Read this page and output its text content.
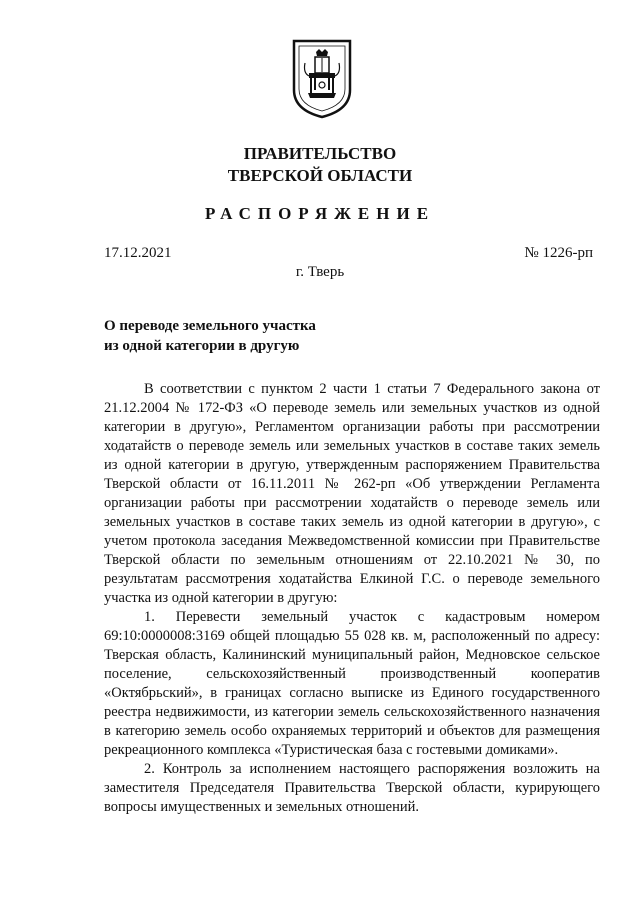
ПРАВИТЕЛЬСТВО
ТВЕРСКОЙ ОБЛАСТИ
РАСПОРЯЖЕНИЕ
17.12.2021	№ 1226-рп
г. Тверь
О переводе земельного участка
из одной категории в другую

В соответствии с пунктом 2 части 1 статьи 7 Федерального закона от 21.12.2004 № 172-ФЗ «О переводе земель или земельных участков из одной категории в другую», Регламентом организации работы при рассмотрении ходатайств о переводе земель или земельных участков в составе таких земель из одной категории в другую, утвержденным распоряжением Правительства Тверской области от 16.11.2011 № 262-рп «Об утверждении Регламента организации работы при рассмотрении ходатайств о переводе земель или земельных участков в составе таких земель из одной категории в другую», с учетом протокола заседания Межведомственной комиссии при Правительстве Тверской области по земельным отношениям от 22.10.2021 № 30, по результатам рассмотрения ходатайства Елкиной Г.С. о переводе земельного участка из одной категории в другую:

1. Перевести земельный участок с кадастровым номером 69:10:0000008:3169 общей площадью 55 028 кв. м, расположенный по адресу: Тверская область, Калининский муниципальный район, Медновское сельское поселение, сельскохозяйственный производственный кооператив «Октябрьский», в границах согласно выписке из Единого государственного реестра недвижимости, из категории земель сельскохозяйственного назначения в категорию земель особо охраняемых территорий и объектов для размещения рекреационного комплекса «Туристическая база с гостевыми домиками».

2. Контроль за исполнением настоящего распоряжения возложить на заместителя Председателя Правительства Тверской области, курирующего вопросы имущественных и земельных отношений.
